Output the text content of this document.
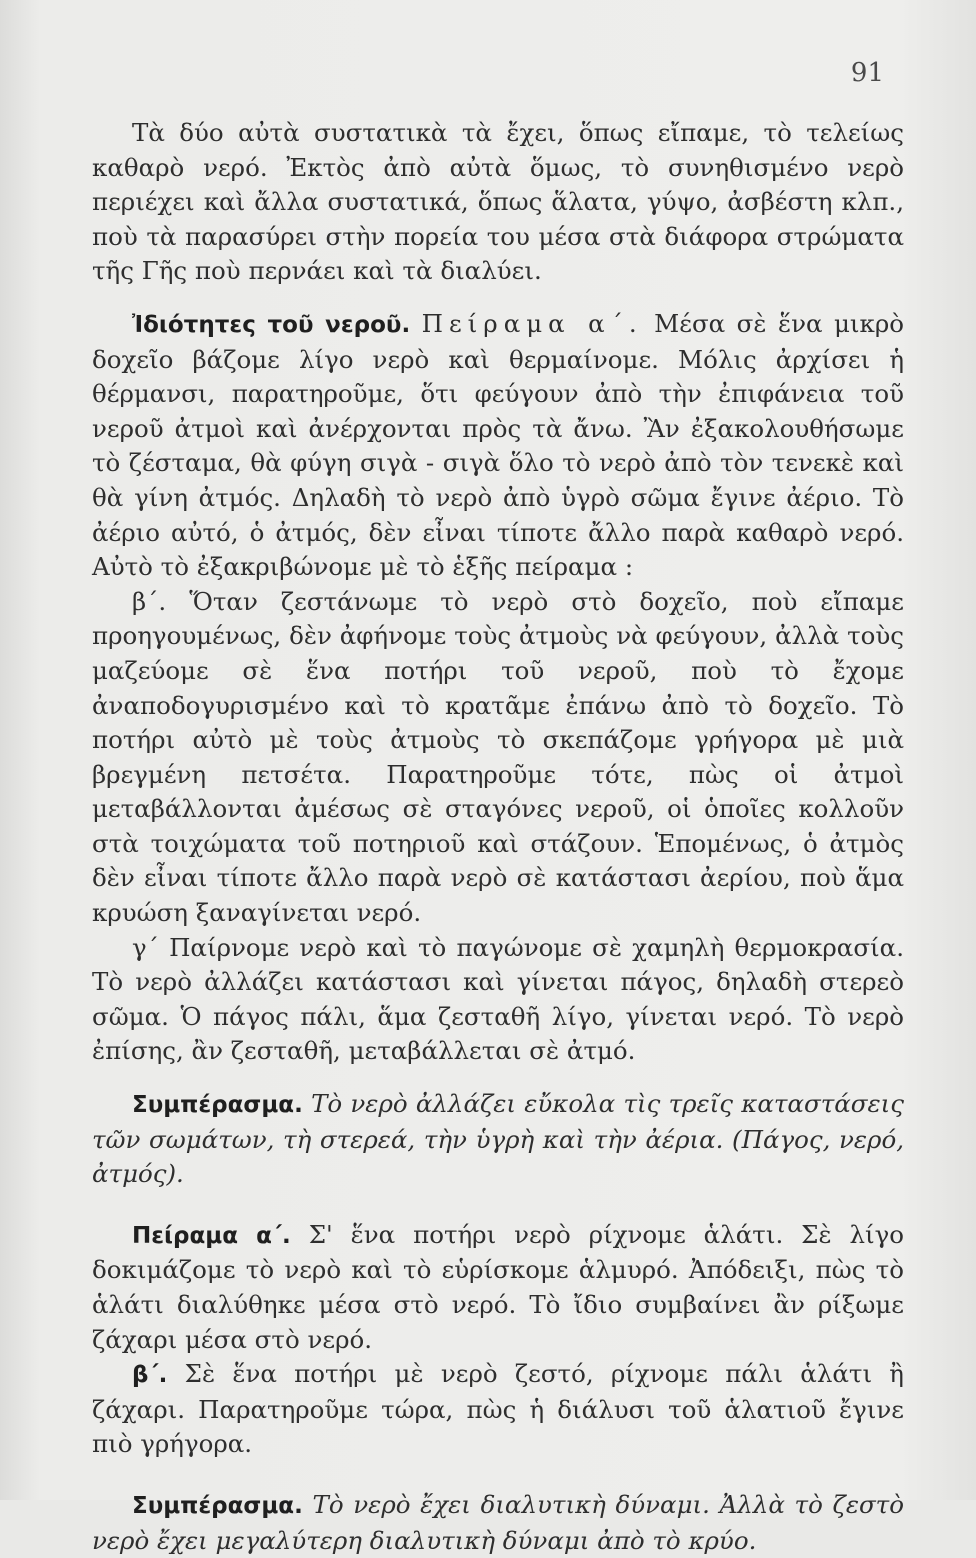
91

Τὰ δύο αὐτὰ συστατικὰ τὰ ἔχει, ὅπως εἴπαμε, τὸ τελείως καθαρὸ νερό. Ἐκτὸς ἀπὸ αὐτὰ ὅμως, τὸ συνηθισμένο νερὸ περιέχει καὶ ἄλλα συστατικά, ὅπως ἅλατα, γύψο, ἀσβέστη κλπ., ποὺ τὰ παρασύρει στὴν πορεία του μέσα στὰ διάφορα στρώματα τῆς Γῆς ποὺ περνάει καὶ τὰ διαλύει.

Ἰδιότητες τοῦ νεροῦ. Πείραμα α΄. Μέσα σὲ ἕνα μικρὸ δοχεῖο βάζομε λίγο νερὸ καὶ θερμαίνομε. Μόλις ἀρχίσει ἡ θέρμανσι, παρατηροῦμε, ὅτι φεύγουν ἀπὸ τὴν ἐπιφάνεια τοῦ νεροῦ ἀτμοὶ καὶ ἀνέρχονται πρὸς τὰ ἄνω. Ἂν ἐξακολουθήσωμε τὸ ζέσταμα, θὰ φύγη σιγὰ - σιγὰ ὅλο τὸ νερὸ ἀπὸ τὸν τενεκὲ καὶ θὰ γίνη ἀτμός. Δηλαδὴ τὸ νερὸ ἀπὸ ὑγρὸ σῶμα ἔγινε ἀέριο. Τὸ ἀέριο αὐτό, ὁ ἀτμός, δὲν εἶναι τίποτε ἄλλο παρὰ καθαρὸ νερό. Αὐτὸ τὸ ἐξακριβώνομε μὲ τὸ ἑξῆς πείραμα :

β΄. Ὅταν ζεστάνωμε τὸ νερὸ στὸ δοχεῖο, ποὺ εἴπαμε προηγουμένως, δὲν ἀφήνομε τοὺς ἀτμοὺς νὰ φεύγουν, ἀλλὰ τοὺς μαζεύομε σὲ ἕνα ποτήρι τοῦ νεροῦ, ποὺ τὸ ἔχομε ἀναποδογυρισμένο καὶ τὸ κρατᾶμε ἐπάνω ἀπὸ τὸ δοχεῖο. Τὸ ποτήρι αὐτὸ μὲ τοὺς ἀτμοὺς τὸ σκεπάζομε γρήγορα μὲ μιὰ βρεγμένη πετσέτα. Παρατηροῦμε τότε, πὼς οἱ ἀτμοὶ μεταβάλλονται ἀμέσως σὲ σταγόνες νεροῦ, οἱ ὁποῖες κολλοῦν στὰ τοιχώματα τοῦ ποτηριοῦ καὶ στάζουν. Ἑπομένως, ὁ ἀτμὸς δὲν εἶναι τίποτε ἄλλο παρὰ νερὸ σὲ κατάστασι ἀερίου, ποὺ ἅμα κρυώση ξαναγίνεται νερό.

γ΄ Παίρνομε νερὸ καὶ τὸ παγώνομε σὲ χαμηλὴ θερμοκρασία. Τὸ νερὸ ἀλλάζει κατάστασι καὶ γίνεται πάγος, δηλαδὴ στερεὸ σῶμα. Ὁ πάγος πάλι, ἅμα ζεσταθῆ λίγο, γίνεται νερό. Τὸ νερὸ ἐπίσης, ἂν ζεσταθῆ, μεταβάλλεται σὲ ἀτμό.

Συμπέρασμα. Τὸ νερὸ ἀλλάζει εὔκολα τὶς τρεῖς καταστάσεις τῶν σωμάτων, τὴ στερεά, τὴν ὑγρὴ καὶ τὴν ἀέρια. (Πάγος, νερό, ἀτμός).

Πείραμα α΄. Σ' ἕνα ποτήρι νερὸ ρίχνομε ἁλάτι. Σὲ λίγο δοκιμάζομε τὸ νερὸ καὶ τὸ εὑρίσκομε ἁλμυρό. Ἀπόδειξι, πὼς τὸ ἁλάτι διαλύθηκε μέσα στὸ νερό. Τὸ ἴδιο συμβαίνει ἂν ρίξωμε ζάχαρι μέσα στὸ νερό.

β΄. Σὲ ἕνα ποτήρι μὲ νερὸ ζεστό, ρίχνομε πάλι ἁλάτι ἢ ζάχαρι. Παρατηροῦμε τώρα, πὼς ἡ διάλυσι τοῦ ἁλατιοῦ ἔγινε πιὸ γρήγορα.

Συμπέρασμα. Τὸ νερὸ ἔχει διαλυτικὴ δύναμι. Ἀλλὰ τὸ ζεστὸ νερὸ ἔχει μεγαλύτερη διαλυτικὴ δύναμι ἀπὸ τὸ κρύο.
